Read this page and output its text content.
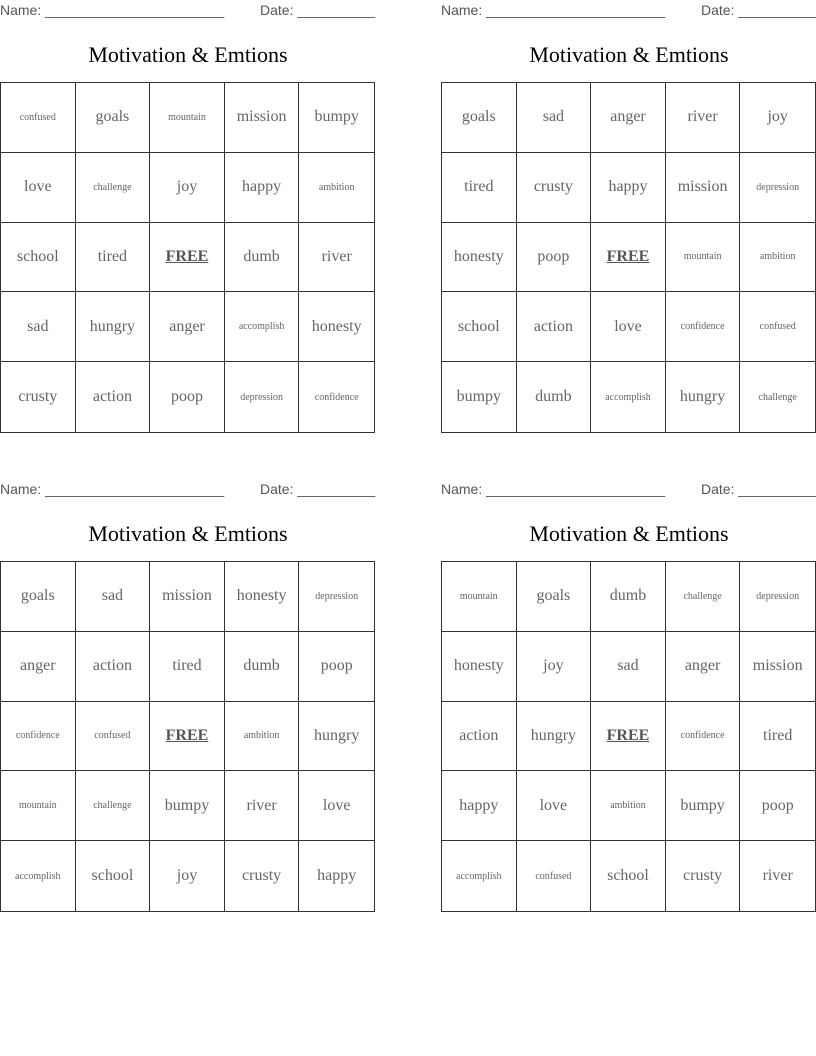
Name: _______________________	Date: __________
Motivation & Emtions
confused	goals	mountain	mission	bumpy
love	challenge	joy	happy	ambition
school	tired	FREE	dumb	river
sad	hungry	anger	accomplish	honesty
crusty	action	poop	depression	confidence
Name: _______________________	Date: __________
Motivation & Emtions
goals	sad	anger	river	joy
tired	crusty	happy	mission	depression
honesty	poop	FREE	mountain	ambition
school	action	love	confidence	confused
bumpy	dumb	accomplish	hungry	challenge
Name: _______________________	Date: __________
Motivation & Emtions
goals	sad	mission	honesty	depression
anger	action	tired	dumb	poop
confidence	confused	FREE	ambition	hungry
mountain	challenge	bumpy	river	love
accomplish	school	joy	crusty	happy
Name: _______________________	Date: __________
Motivation & Emtions
mountain	goals	dumb	challenge	depression
honesty	joy	sad	anger	mission
action	hungry	FREE	confidence	tired
happy	love	ambition	bumpy	poop
accomplish	confused	school	crusty	river
